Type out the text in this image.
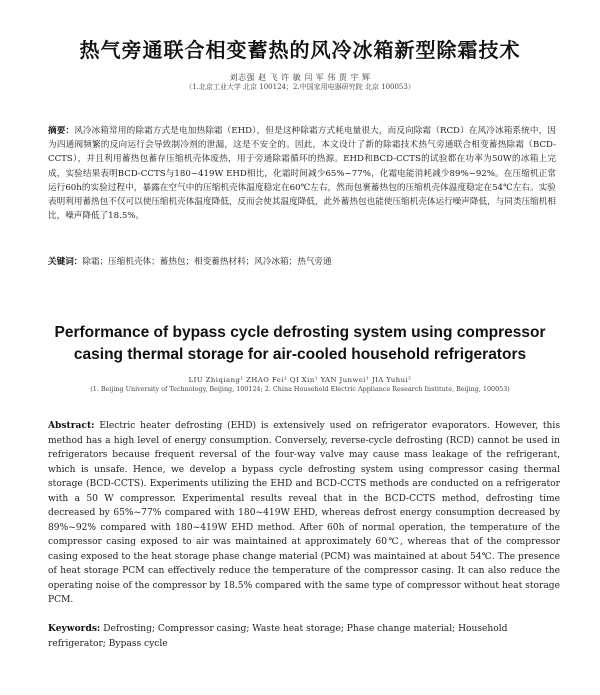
热气旁通联合相变蓄热的风冷冰箱新型除霜技术
刘志强 赵 飞 许 敏 闫 军 伟 贾 宇 辉
（1.北京工业大学 北京 100124；2.中国家用电器研究院 北京 100053）
摘要：风冷冰箱常用的除霜方式是电加热除霜（EHD），但是这种除霜方式耗电量很大，而反向除霜（RCD）在风冷冰箱系统中，因为四通阀频繁的反向运行会导致制冷剂的泄漏，这是不安全的。因此，本文设计了新的除霜技术热气旁通联合相变蓄热除霜（BCD-CCTS），并且利用蓄热包蓄存压缩机壳体废热，用于旁通除霜循环的热源。EHD和BCD-CCTS的试验都在功率为50W的冰箱上完成，实验结果表明BCD-CCTS与180~419W EHD相比，化霜时间减少65%~77%，化霜电能消耗减少89%~92%。在压缩机正常运行60h的实验过程中，暴露在空气中的压缩机壳体温度稳定在60℃左右，然而包裹蓄热包的压缩机壳体温度稳定在54℃左右。实验表明利用蓄热包不仅可以使压缩机壳体温度降低，反而会使其温度降低，此外蓄热包也能使压缩机壳体运行噪声降低，与同类压缩机相比，噪声降低了18.5%。
关键词：除霜；压缩机壳体；蓄热包；相变蓄热材料；风冷冰箱；热气旁通
Performance of bypass cycle defrosting system using compressor casing thermal storage for air-cooled household refrigerators
LIU Zhiqiang¹ ZHAO Fei¹ QI Xin¹ YAN Junwei¹ JIA Yuhui²
(1. Beijing University of Technology, Beijing, 100124; 2. China Household Electric Appliance Research Institute, Beijing, 100053)
Abstract: Electric heater defrosting (EHD) is extensively used on refrigerator evaporators. However, this method has a high level of energy consumption. Conversely, reverse-cycle defrosting (RCD) cannot be used in refrigerators because frequent reversal of the four-way valve may cause mass leakage of the refrigerant, which is unsafe. Hence, we develop a bypass cycle defrosting system using compressor casing thermal storage (BCD-CCTS). Experiments utilizing the EHD and BCD-CCTS methods are conducted on a refrigerator with a 50 W compressor. Experimental results reveal that in the BCD-CCTS method, defrosting time decreased by 65%~77% compared with 180~419W EHD, whereas defrost energy consumption decreased by 89%~92% compared with 180~419W EHD method. After 60h of normal operation, the temperature of the compressor casing exposed to air was maintained at approximately 60℃, whereas that of the compressor casing exposed to the heat storage phase change material (PCM) was maintained at about 54℃. The presence of heat storage PCM can effectively reduce the temperature of the compressor casing. It can also reduce the operating noise of the compressor by 18.5% compared with the same type of compressor without heat storage PCM.
Keywords: Defrosting; Compressor casing; Waste heat storage; Phase change material; Household refrigerator; Bypass cycle
